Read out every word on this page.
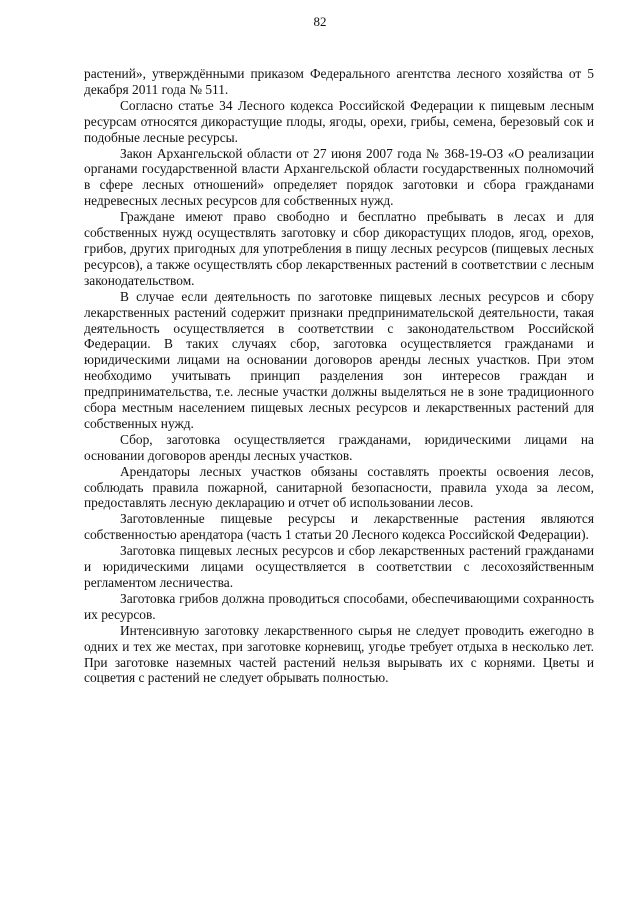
82

растений», утверждёнными приказом Федерального агентства лесного хозяйства от 5 декабря 2011 года № 511.

Согласно статье 34 Лесного кодекса Российской Федерации к пищевым лесным ресурсам относятся дикорастущие плоды, ягоды, орехи, грибы, семена, березовый сок и подобные лесные ресурсы.

Закон Архангельской области от 27 июня 2007 года № 368-19-ОЗ «О реализации органами государственной власти Архангельской области государственных полномочий в сфере лесных отношений» определяет порядок заготовки и сбора гражданами недревесных лесных ресурсов для собственных нужд.

Граждане имеют право свободно и бесплатно пребывать в лесах и для собственных нужд осуществлять заготовку и сбор дикорастущих плодов, ягод, орехов, грибов, других пригодных для употребления в пищу лесных ресурсов (пищевых лесных ресурсов), а также осуществлять сбор лекарственных растений в соответствии с лесным законодательством.

В случае если деятельность по заготовке пищевых лесных ресурсов и сбору лекарственных растений содержит признаки предпринимательской деятельности, такая деятельность осуществляется в соответствии с законодательством Российской Федерации. В таких случаях сбор, заготовка осуществляется гражданами и юридическими лицами на основании договоров аренды лесных участков. При этом необходимо учитывать принцип разделения зон интересов граждан и предпринимательства, т.е. лесные участки должны выделяться не в зоне традиционного сбора местным населением пищевых лесных ресурсов и лекарственных растений для собственных нужд.

Сбор, заготовка осуществляется гражданами, юридическими лицами на основании договоров аренды лесных участков.

Арендаторы лесных участков обязаны составлять проекты освоения лесов, соблюдать правила пожарной, санитарной безопасности, правила ухода за лесом, предоставлять лесную декларацию и отчет об использовании лесов.

Заготовленные пищевые ресурсы и лекарственные растения являются собственностью арендатора (часть 1 статьи 20 Лесного кодекса Российской Федерации).

Заготовка пищевых лесных ресурсов и сбор лекарственных растений гражданами и юридическими лицами осуществляется в соответствии с лесохозяйственным регламентом лесничества.

Заготовка грибов должна проводиться способами, обеспечивающими сохранность их ресурсов.

Интенсивную заготовку лекарственного сырья не следует проводить ежегодно в одних и тех же местах, при заготовке корневищ, угодье требует отдыха в несколько лет. При заготовке наземных частей растений нельзя вырывать их с корнями. Цветы и соцветия с растений не следует обрывать полностью.
